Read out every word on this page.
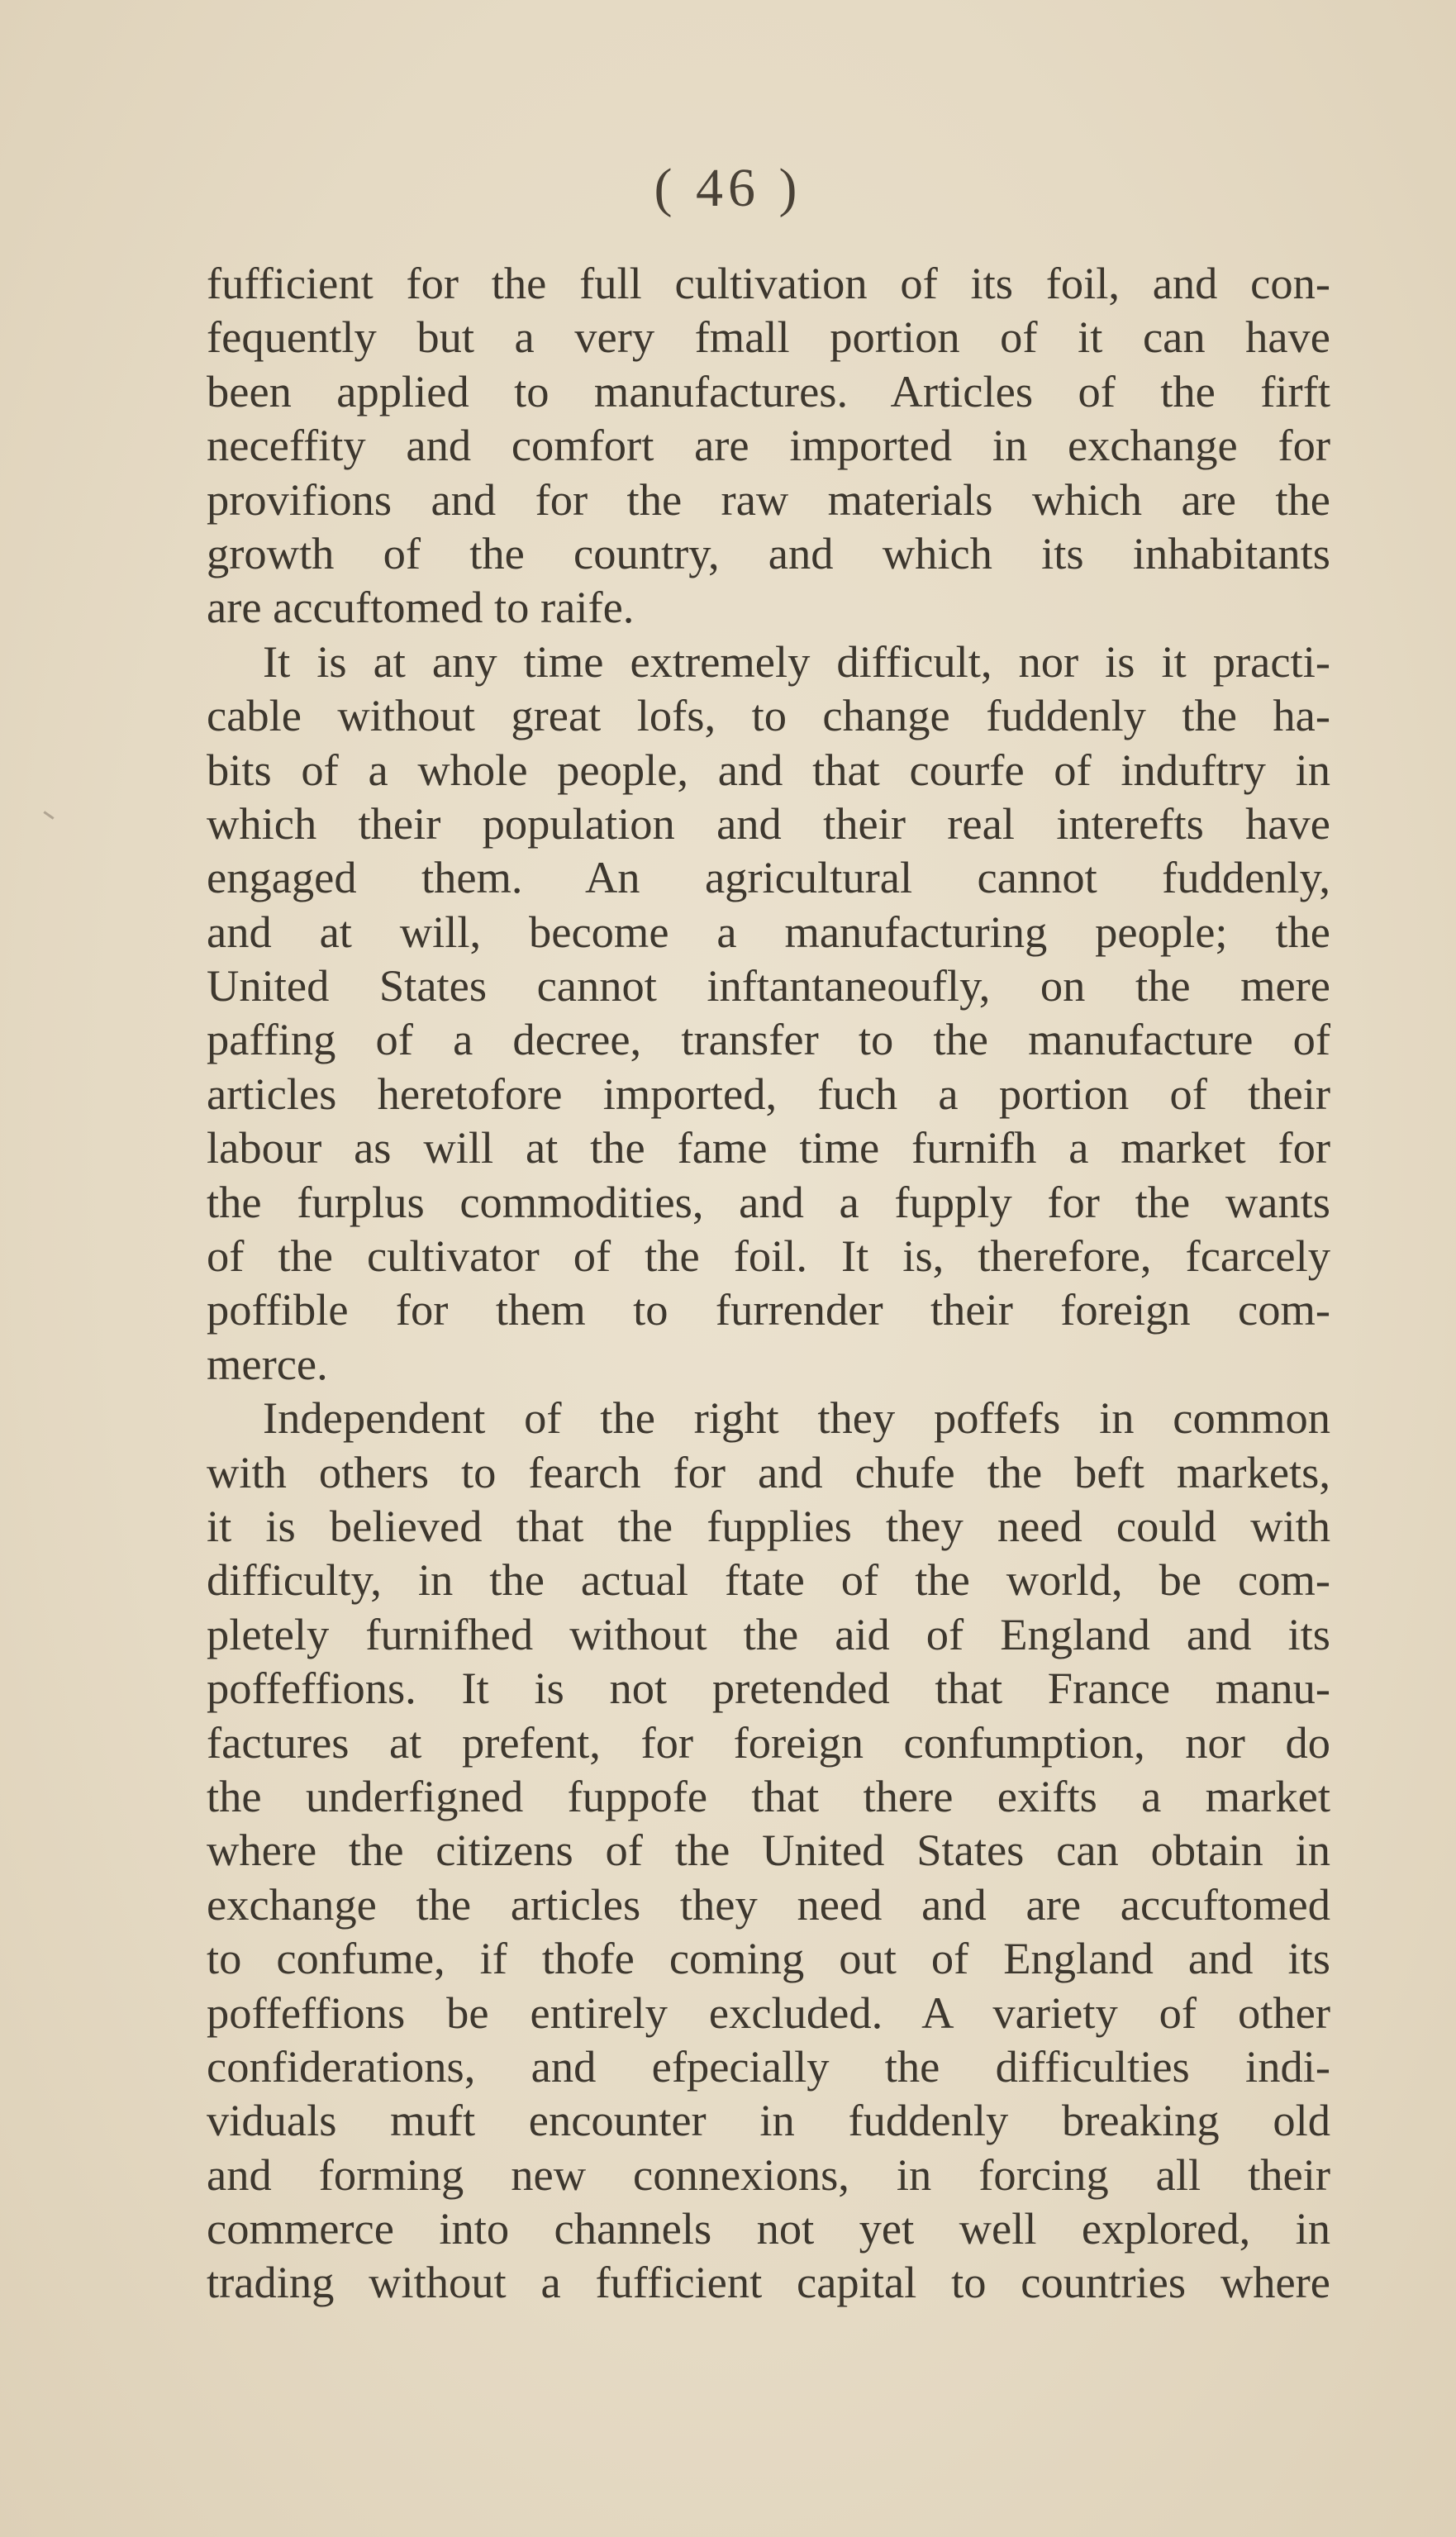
( 46 )
fufficient for the full cultivation of its foil, and con-
fequently but a very fmall portion of it can have
been applied to manufactures. Articles of the firft
neceffity and comfort are imported in exchange for
provifions and for the raw materials which are the
growth of the country, and which its inhabitants
are accuftomed to raife.
It is at any time extremely difficult, nor is it practi-
cable without great lofs, to change fuddenly the ha-
bits of a whole people, and that courfe of induftry in
which their population and their real interefts have
engaged them. An agricultural cannot fuddenly,
and at will, become a manufacturing people; the
United States cannot inftantaneoufly, on the mere
paffing of a decree, transfer to the manufacture of
articles heretofore imported, fuch a portion of their
labour as will at the fame time furnifh a market for
the furplus commodities, and a fupply for the wants
of the cultivator of the foil. It is, therefore, fcarcely
poffible for them to furrender their foreign com-
merce.
Independent of the right they poffefs in common
with others to fearch for and chufe the beft markets,
it is believed that the fupplies they need could with
difficulty, in the actual ftate of the world, be com-
pletely furnifhed without the aid of England and its
poffeffions. It is not pretended that France manu-
factures at prefent, for foreign confumption, nor do
the underfigned fuppofe that there exifts a market
where the citizens of the United States can obtain in
exchange the articles they need and are accuftomed
to confume, if thofe coming out of England and its
poffeffions be entirely excluded. A variety of other
confiderations, and efpecially the difficulties indi-
viduals muft encounter in fuddenly breaking old
and forming new connexions, in forcing all their
commerce into channels not yet well explored, in
trading without a fufficient capital to countries where
